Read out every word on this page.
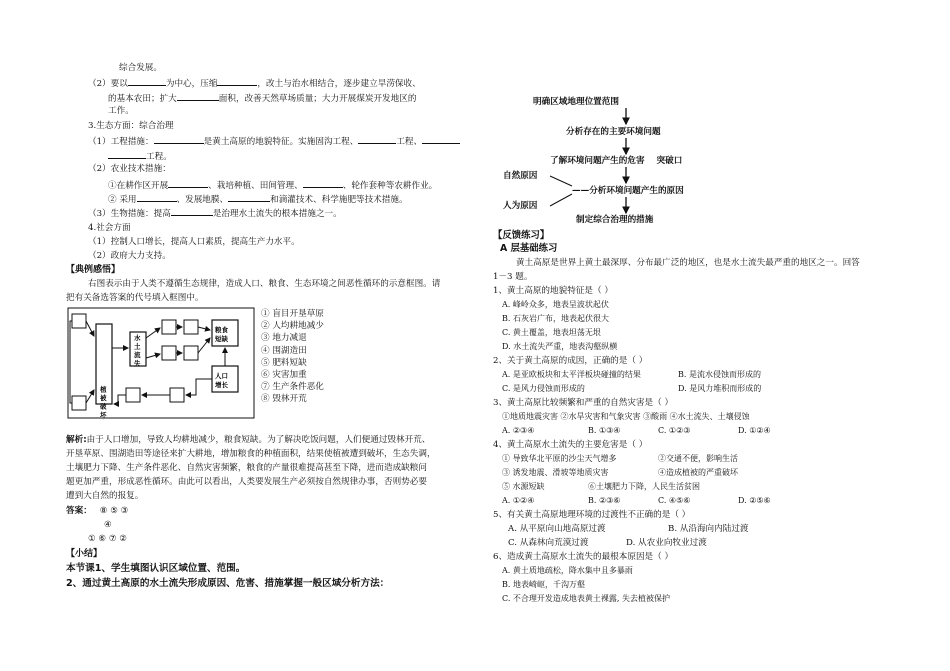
综合发展。
（2）要以	为中心，压缩	，改土与治水相结合，逐步建立旱涝保收、
的基本农田；扩大	面积，改善天然草场质量；大力开展煤炭开发地区的
工作。
3.生态方面：综合治理
（1）工程措施：	是黄土高原的地貌特征。实施固沟工程、	工程、
工程。
（2）农业技术措施：
①在耕作区开展	、栽培种植、田间管理、	、轮作套种等农耕作业。
② 采用	、发展地膜、	和滴灌技术、科学施肥等技术措施。
（3）生物措施：提高	是治理水土流失的根本措施之一。
4.社会方面
（1）控制人口增长，提高人口素质，提高生产力水平。
（2）政府大力支持。
【典例感悟】
右图表示由于人类不遵循生态规律，造成人口、粮食、生态环境之间恶性循环的示意框图。请
把有关备选答案的代号填入框图中。
植被破坏
水土流失
粮食短缺
人口增长
① 盲目开垦草原
② 人均耕地减少
③ 地力减退
④ 围湖造田
⑤ 肥料短缺
⑥ 灾害加重
⑦ 生产条件恶化
⑧ 毁林开荒
解析:由于人口增加，导致人均耕地减少，粮食短缺。为了解决吃饭问题，人们便通过毁林开荒、
开垦草原、围湖造田等途径来扩大耕地，增加粮食的种植面积，结果使植被遭到破坏，生态失调，
土壤肥力下降、生产条件恶化、自然灾害频繁，粮食的产量很难提高甚至下降，进而造成缺粮问
题更加严重，形成恶性循环。由此可以看出，人类要发展生产必须按自然规律办事，否则势必要
遭到大自然的报复。
答案： ⑧ ⑤ ③
④
① ⑥ ⑦ ②
【小结】
本节课1、学生填图认识区域位置、范围。
2、通过黄土高原的水土流失形成原因、危害、措施掌握一般区域分析方法：
明确区域地理位置范围
分析存在的主要环境问题
了解环境问题产生的危害 突破口
自然原因
——分析环境问题产生的原因
人为原因
制定综合治理的措施
【反馈练习】
A 层基础练习
黄土高原是世界上黄土最深厚、分布最广泛的地区，也是水土流失最严重的地区之一。回答
1－3 题。
1、黄土高原的地貌特征是（ ）
A. 峰岭众多，地表呈波状起伏
B. 石灰岩广布，地表起伏很大
C. 黄土覆盖，地表坦荡无垠
D. 水土流失严重，地表沟壑纵横
2、关于黄土高原的成因，正确的是（ ）
A. 是亚欧板块和太平洋板块碰撞的结果	B. 是流水侵蚀而形成的
C. 是风力侵蚀而形成的	D. 是风力堆积而形成的
3、黄土高原比较频繁和严重的自然灾害是（ ）
①地质地震灾害 ②水旱灾害和气象灾害 ③酸雨 ④水土流失、土壤侵蚀
A. ②③④	B. ①③④	C. ①②③	D. ①②④
4、黄土高原水土流失的主要危害是（ ）
① 导致华北平原的沙尘天气增多	②交通不便，影响生活
③ 诱发地震、滑坡等地质灾害	④造成植被的严重破坏
⑤ 水源短缺	⑥土壤肥力下降，人民生活贫困
A. ①②④	B. ②③⑥	C. ④⑤⑥	D. ②⑤⑥
5、有关黄土高原地理环境的过渡性不正确的是（ ）
A. 从平原向山地高原过渡	B. 从沿海向内陆过渡
C. 从森林向荒漠过渡	D. 从农业向牧业过渡
6、造成黄土高原水土流失的最根本原因是（ ）
A. 黄土质地疏松，降水集中且多暴雨
B. 地表崎岖，千沟万壑
C. 不合理开发造成地表黄土裸露, 失去植被保护
